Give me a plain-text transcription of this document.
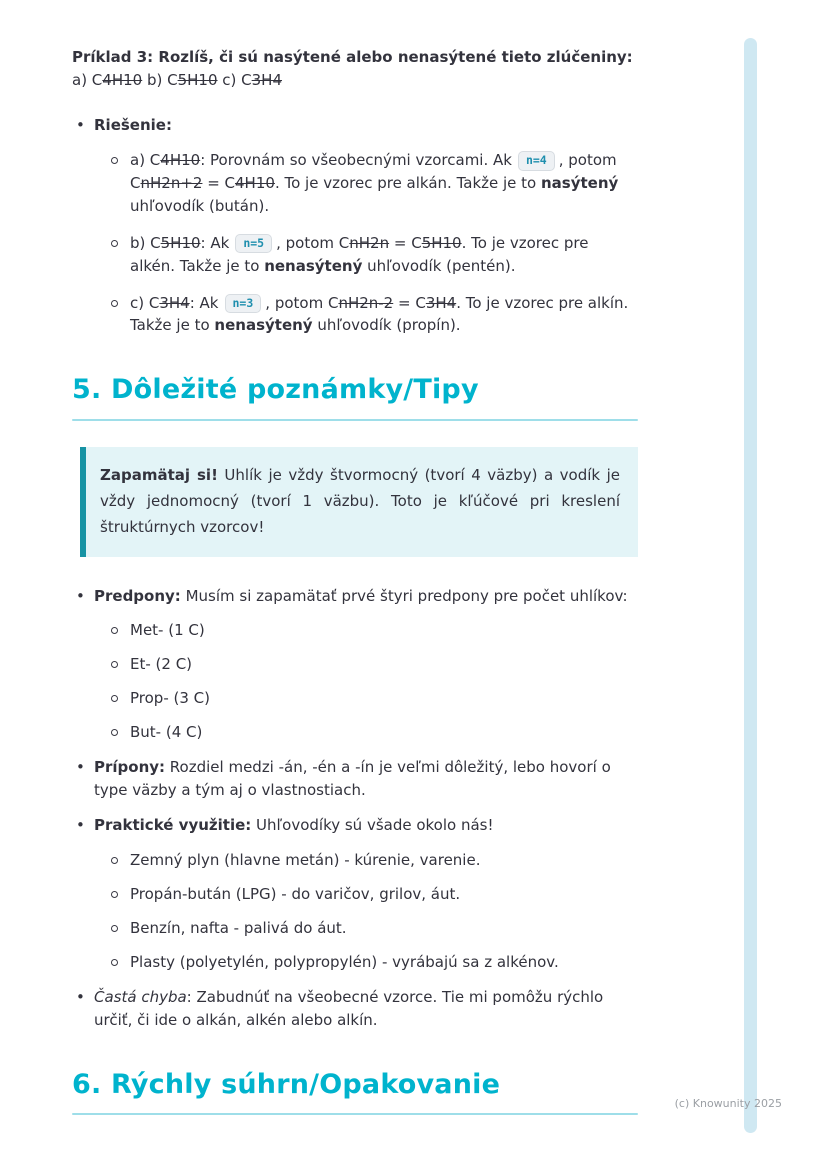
(c) Knowunity 2025

Príklad 3: Rozlíš, či sú nasýtené alebo nenasýtené tieto zlúčeniny: a) C4H10 b) C5H10 c) C3H4

• Riešenie:
a) C4H10: Porovnám so všeobecnými vzorcami. Ak n=4 , potom CnH2n+2 = C4H10. To je vzorec pre alkán. Takže je to nasýtený uhľovodík (bután).
b) C5H10: Ak n=5 , potom CnH2n = C5H10. To je vzorec pre alkén. Takže je to nenasýtený uhľovodík (pentén).
c) C3H4: Ak n=3 , potom CnH2n-2 = C3H4. To je vzorec pre alkín. Takže je to nenasýtený uhľovodík (propín).
5. Dôležité poznámky/Tipy
Zapamätaj si! Uhlík je vždy štvormocný (tvorí 4 väzby) a vodík je vždy jednomocný (tvorí 1 väzbu). Toto je kľúčové pri kreslení štruktúrnych vzorcov!
• Predpony: Musím si zapamätať prvé štyri predpony pre počet uhlíkov:
Met- (1 C)
Et- (2 C)
Prop- (3 C)
But- (4 C)
• Prípony: Rozdiel medzi -án, -én a -ín je veľmi dôležitý, lebo hovorí o type väzby a tým aj o vlastnostiach.
• Praktické využitie: Uhľovodíky sú všade okolo nás!
Zemný plyn (hlavne metán) - kúrenie, varenie.
Propán-bután (LPG) - do varičov, grilov, áut.
Benzín, nafta - palivá do áut.
Plasty (polyetylén, polypropylén) - vyrábajú sa z alkénov.
• Častá chyba: Zabudnúť na všeobecné vzorce. Tie mi pomôžu rýchlo určiť, či ide o alkán, alkén alebo alkín.
6. Rýchly súhrn/Opakovanie
